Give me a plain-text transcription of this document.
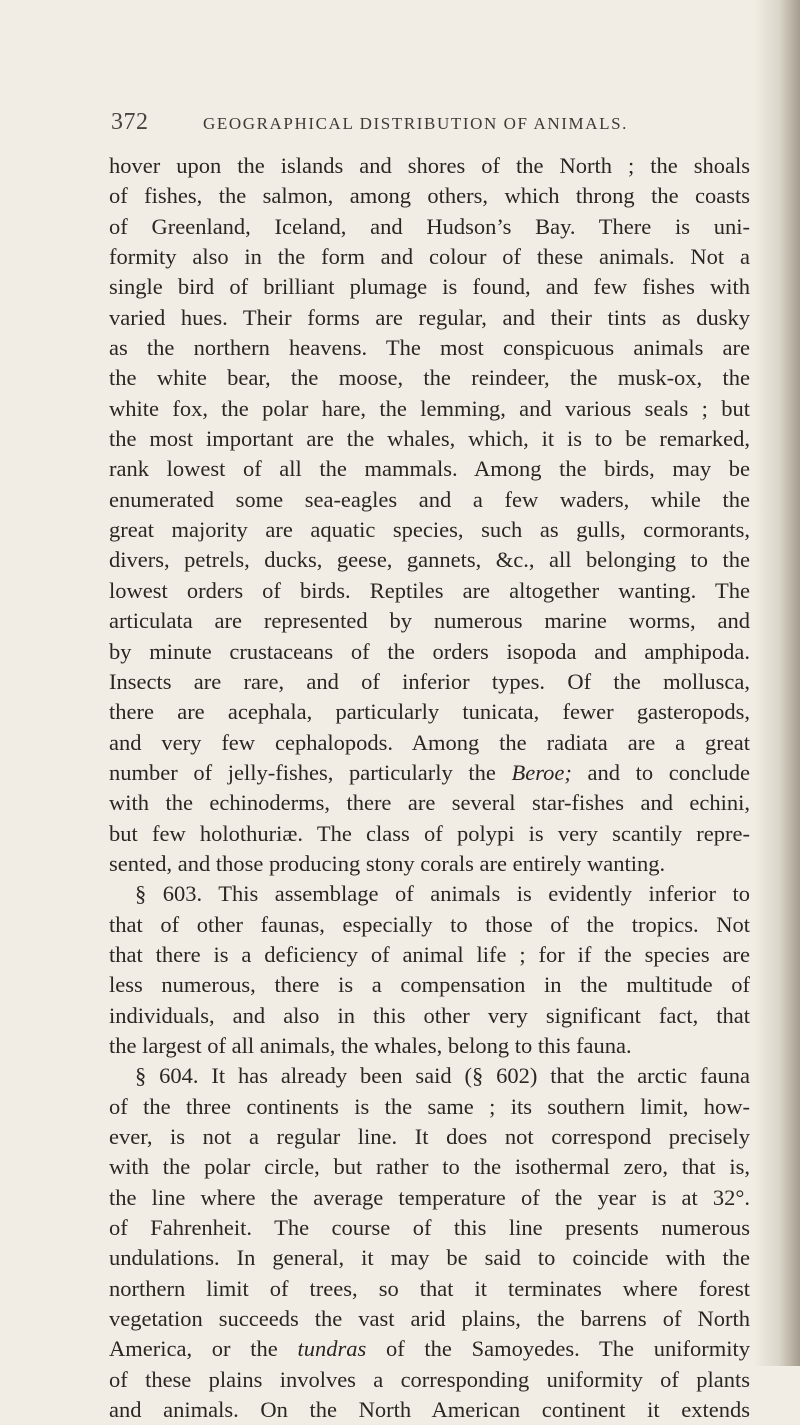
372	GEOGRAPHICAL DISTRIBUTION OF ANIMALS.
hover upon the islands and shores of the North ; the shoals
of fishes, the salmon, among others, which throng the coasts
of Greenland, Iceland, and Hudson’s Bay. There is uni-
formity also in the form and colour of these animals. Not a
single bird of brilliant plumage is found, and few fishes with
varied hues. Their forms are regular, and their tints as dusky
as the northern heavens. The most conspicuous animals are
the white bear, the moose, the reindeer, the musk-ox, the
white fox, the polar hare, the lemming, and various seals ; but
the most important are the whales, which, it is to be remarked,
rank lowest of all the mammals. Among the birds, may be
enumerated some sea-eagles and a few waders, while the
great majority are aquatic species, such as gulls, cormorants,
divers, petrels, ducks, geese, gannets, &c., all belonging to the
lowest orders of birds. Reptiles are altogether wanting. The
articulata are represented by numerous marine worms, and
by minute crustaceans of the orders isopoda and amphipoda.
Insects are rare, and of inferior types. Of the mollusca,
there are acephala, particularly tunicata, fewer gasteropods,
and very few cephalopods. Among the radiata are a great
number of jelly-fishes, particularly the Beroe; and to conclude
with the echinoderms, there are several star-fishes and echini,
but few holothuriæ. The class of polypi is very scantily repre-
sented, and those producing stony corals are entirely wanting.
§ 603. This assemblage of animals is evidently inferior to
that of other faunas, especially to those of the tropics. Not
that there is a deficiency of animal life ; for if the species are
less numerous, there is a compensation in the multitude of
individuals, and also in this other very significant fact, that
the largest of all animals, the whales, belong to this fauna.
§ 604. It has already been said (§ 602) that the arctic fauna
of the three continents is the same ; its southern limit, how-
ever, is not a regular line. It does not correspond precisely
with the polar circle, but rather to the isothermal zero, that is,
the line where the average temperature of the year is at 32°.
of Fahrenheit. The course of this line presents numerous
undulations. In general, it may be said to coincide with the
northern limit of trees, so that it terminates where forest
vegetation succeeds the vast arid plains, the barrens of North
America, or the tundras of the Samoyedes. The uniformity
of these plains involves a corresponding uniformity of plants
and animals. On the North American continent it extends
